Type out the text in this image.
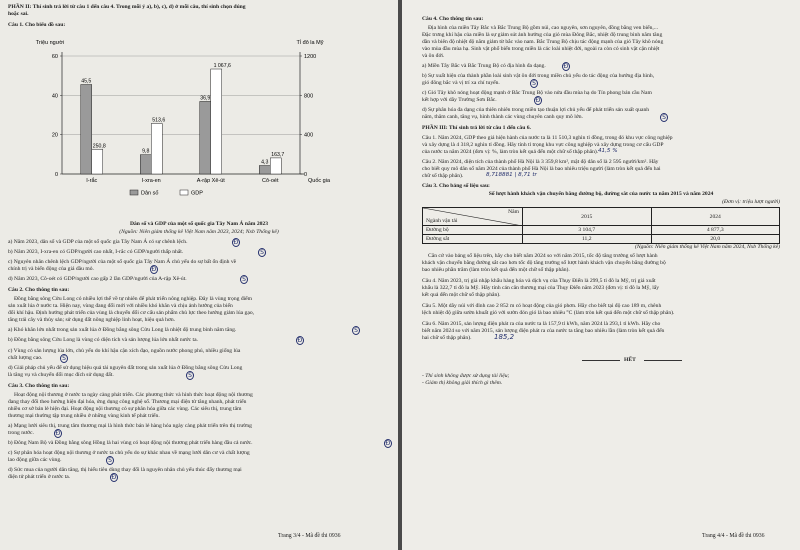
PHẦN II: Thí sinh trả lời từ câu 1 đến câu 4. Trong mỗi ý a), b), c), d) ở mỗi câu, thí sinh chọn đúng
hoặc sai.
Câu 1. Cho biểu đồ sau:
Triệu người	Tỉ đô la Mỹ
0
20
40
60
0
400
800
1200
45,5
250,8
I-rắc
9,8
513,6
I-xra-en
36,9
1 067,6
A-rập Xê-út
4,3
163,7
Cô-oét	Quốc gia
Dân số	GDP
Dân số và GDP của một số quốc gia Tây Nam Á năm 2023
(Nguồn: Niên giám thống kê Việt Nam năm 2023, 2024; Nxb Thống kê)
a) Năm 2023, dân số và GDP của một số quốc gia Tây Nam Á có sự chênh lệch.
b) Năm 2023, I-xra-en có GDP/người cao nhất, I-rắc có GDP/người thấp nhất.
c) Nguyên nhân chênh lệch GDP/người của một số quốc gia Tây Nam Á chủ yếu do sự bất ổn định về
chính trị và biến động của giá dầu mỏ.
d) Năm 2023, Cô-oét có GDP/người cao gấp 2 lần GDP/người của A-rập Xê-út.
Đ
S
Đ
S
Câu 2. Cho thông tin sau:
Đồng bằng sông Cửu Long có nhiều lợi thế về tự nhiên để phát triển nông nghiệp. Đây là vùng trọng điểm
sản xuất lúa ở nước ta. Hiện nay, vùng đang đổi mới với nhiều khó khăn và chịu ảnh hưởng của biến
đổi khí hậu. Định hướng phát triển của vùng là chuyển đổi cơ cấu sản phẩm chủ lực theo hướng giảm lúa gạo,
tăng trái cây và thủy sản; sử dụng đất nông nghiệp linh hoạt, hiệu quả hơn.
a) Khó khăn lớn nhất trong sản xuất lúa ở Đồng bằng sông Cửu Long là nhiệt độ trung bình năm tăng.
b) Đồng bằng sông Cửu Long là vùng có diện tích và sản lượng lúa lớn nhất nước ta.
c) Vùng có sản lượng lúa lớn, chủ yếu do khí hậu cận xích đạo, nguồn nước phong phú, nhiều giống lúa
chất lượng cao.
d) Giải pháp chủ yếu để sử dụng hiệu quả tài nguyên đất trong sản xuất lúa ở Đồng bằng sông Cửu Long
là tăng vụ và chuyển đổi mục đích sử dụng đất.
S
Đ
S
S
Câu 3. Cho thông tin sau:
Hoạt động nội thương ở nước ta ngày càng phát triển. Các phương thức và hình thức hoạt động nội thương
đang thay đổi theo hướng hiện đại hóa, ứng dụng công nghệ số. Thương mại điện tử tăng nhanh, phát triển
nhiều cơ sở bán lẻ hiện đại. Hoạt động nội thương có sự phân hóa giữa các vùng. Các siêu thị, trung tâm
thương mại thường tập trung nhiều ở những vùng kinh tế phát triển.
a) Mạng lưới siêu thị, trung tâm thương mại là hình thức bán lẻ hàng hóa ngày càng phát triển trên thị trường
trong nước.
b) Đông Nam Bộ và Đồng bằng sông Hồng là hai vùng có hoạt động nội thương phát triển hàng đầu cả nước.
c) Sự phân hóa hoạt động nội thương ở nước ta chủ yếu do sự khác nhau về mạng lưới dân cư và chất lượng
lao động giữa các vùng.
d) Sức mua của người dân tăng, thị hiếu tiêu dùng thay đổi là nguyên nhân chủ yếu thúc đẩy thương mại
điện tử phát triển ở nước ta.
Đ
Đ
S
Đ
Trang 3/4 - Mã đề thi 0936
Câu 4. Cho thông tin sau:
Địa hình của miền Tây Bắc và Bắc Trung Bộ gồm núi, cao nguyên, sơn nguyên, đồng bằng ven biển,...
Đặc trưng khí hậu của miền là sự giảm sút ảnh hưởng của gió mùa Đông Bắc, nhiệt độ trung bình năm tăng
dần và biên độ nhiệt độ năm giảm từ bắc vào nam. Bắc Trung Bộ chịu tác động mạnh của gió Tây khô nóng
vào mùa đầu mùa hạ. Sinh vật phổ biến trong miền là các loài nhiệt đới, ngoài ra còn có sinh vật cận nhiệt
và ôn đới.
a) Miền Tây Bắc và Bắc Trung Bộ có địa hình đa dạng.
b) Sự xuất hiện của thành phần loài sinh vật ôn đới trong miền chủ yếu do tác động của hướng địa hình,
gió đông bắc và vị trí xa chí tuyến.
c) Gió Tây khô nóng hoạt động mạnh ở Bắc Trung Bộ vào nửa đầu mùa hạ do Tín phong bán cầu Nam
kết hợp với dãy Trường Sơn Bắc.
d) Sự phân hóa đa dạng của thiên nhiên trong miền tạo thuận lợi chủ yếu để phát triển sản xuất quanh
năm, thâm canh, tăng vụ, hình thành các vùng chuyên canh quy mô lớn.
Đ
S
Đ
S
PHẦN III: Thí sinh trả lời từ câu 1 đến câu 6.
Câu 1. Năm 2024, GDP theo giá hiện hành của nước ta là 11 510,3 nghìn tỉ đồng, trong đó khu vực công nghiệp
và xây dựng là 4 318,2 nghìn tỉ đồng. Hãy tính tỉ trọng khu vực công nghiệp và xây dựng trong cơ cấu GDP
của nước ta năm 2024 (đơn vị: %, làm tròn kết quả đến một chữ số thập phân). 41,5 %
Câu 2. Năm 2024, diện tích của thành phố Hà Nội là 3 359,8 km², mật độ dân số là 2 595 người/km². Hãy
cho biết quy mô dân số năm 2024 của thành phố Hà Nội là bao nhiêu triệu người (làm tròn kết quả đến hai
chữ số thập phân).	8,718881 | 8,71 tr
Câu 3. Cho bảng số liệu sau:
Số lượt hành khách vận chuyển bằng đường bộ, đường sắt của nước ta năm 2015 và năm 2024
(Đơn vị: triệu lượt người)
Năm
Ngành vận tải	2015	2024
Đường bộ	3 104,7	4 877,3
Đường sắt	11,2	20,0
(Nguồn: Niên giám thống kê Việt Nam năm 2024, Nxb Thống kê)
Căn cứ vào bảng số liệu trên, hãy cho biết năm 2024 so với năm 2015, tốc độ tăng trưởng số lượt hành
khách vận chuyển bằng đường sắt cao hơn tốc độ tăng trưởng số lượt hành khách vận chuyển bằng đường bộ
bao nhiêu phần trăm (làm tròn kết quả đến một chữ số thập phân).
Câu 4. Năm 2023, trị giá nhập khẩu hàng hóa và dịch vụ của Thụy Điển là 299,5 tỉ đô la Mỹ, trị giá xuất
khẩu là 322,7 tỉ đô la Mỹ. Hãy tính cán cân thương mại của Thụy Điển năm 2023 (đơn vị: tỉ đô la Mỹ, lấy
kết quả đến một chữ số thập phân).
Câu 5. Một dãy núi với đỉnh cao 2 852 m có hoạt động của gió phơn. Hãy cho biết tại độ cao 189 m, chênh
lệch nhiệt độ giữa sườn khuất gió với sườn đón gió là bao nhiêu °C (làm tròn kết quả đến một chữ số thập phân).
Câu 6. Năm 2015, sản lượng điện phát ra của nước ta là 157,9 tỉ kWh, năm 2024 là 293,1 tỉ kWh. Hãy cho
biết năm 2024 so với năm 2015, sản lượng điện phát ra của nước ta tăng bao nhiêu lần (làm tròn kết quả đến
hai chữ số thập phân).	185,2
HẾT
- Thí sinh không được sử dụng tài liệu;
- Giám thị không giải thích gì thêm.
Trang 4/4 - Mã đề thi 0936
